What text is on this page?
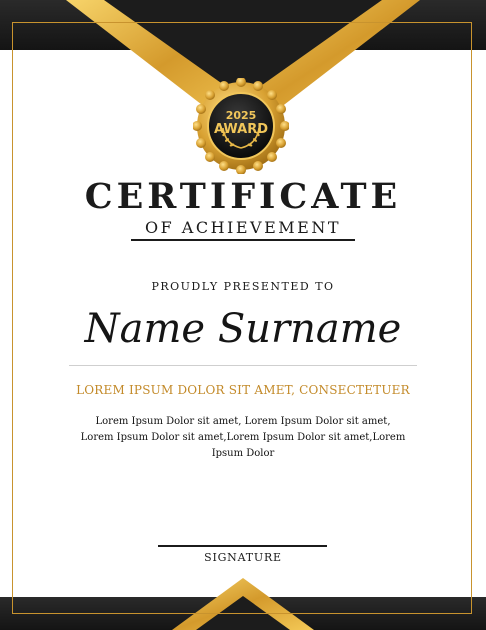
2025
AWARD
CERTIFICATE
OF ACHIEVEMENT
PROUDLY PRESENTED TO
Name Surname
LOREM IPSUM DOLOR SIT AMET, CONSECTETUER
Lorem Ipsum Dolor sit amet, Lorem Ipsum Dolor sit amet, Lorem Ipsum Dolor sit amet,Lorem Ipsum Dolor sit amet,Lorem Ipsum Dolor
SIGNATURE
